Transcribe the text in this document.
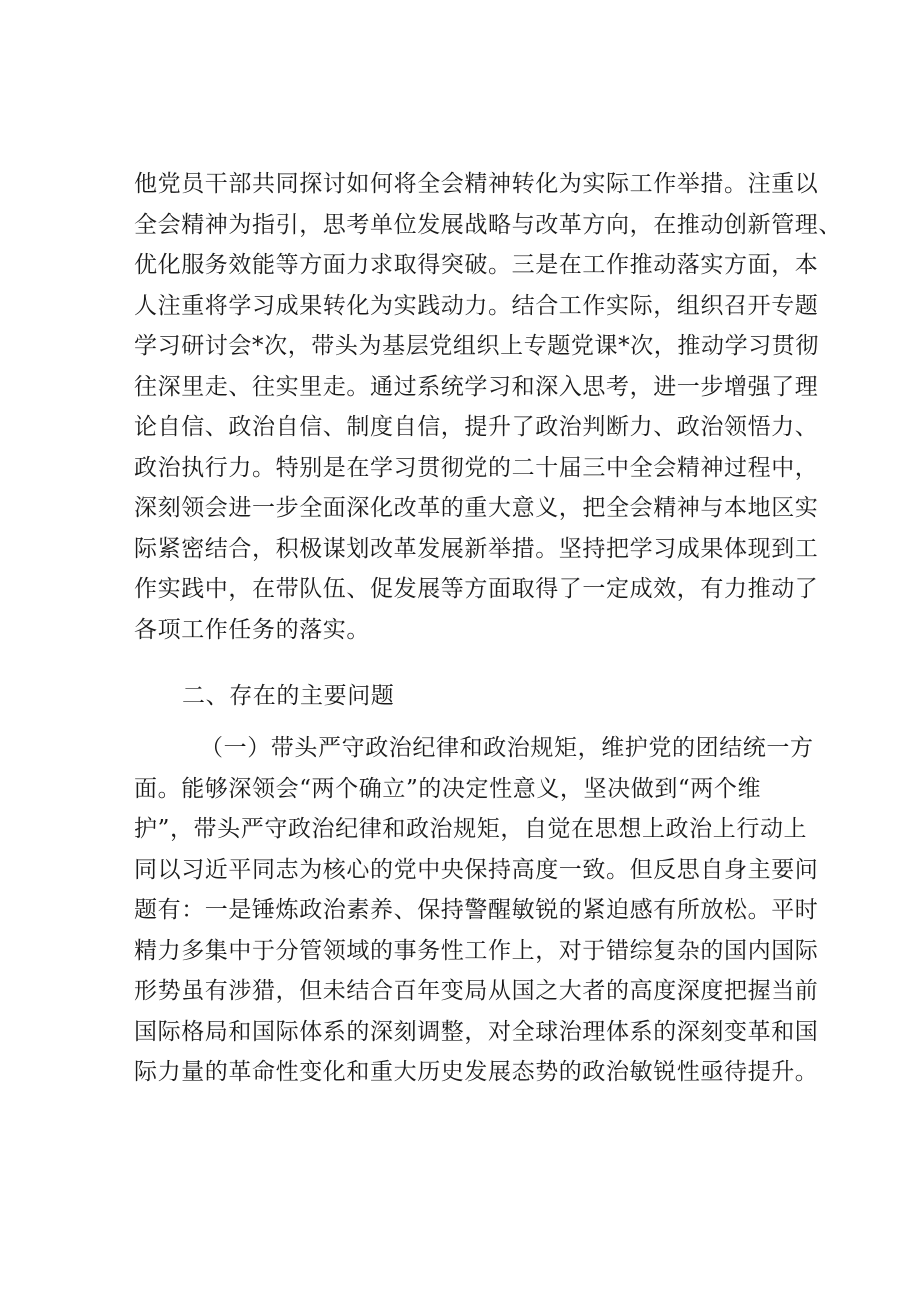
他党员干部共同探讨如何将全会精神转化为实际工作举措。注重以
全会精神为指引，思考单位发展战略与改革方向，在推动创新管理、
优化服务效能等方面力求取得突破。三是在工作推动落实方面，本
人注重将学习成果转化为实践动力。结合工作实际，组织召开专题
学习研讨会*次，带头为基层党组织上专题党课*次，推动学习贯彻
往深里走、往实里走。通过系统学习和深入思考，进一步增强了理
论自信、政治自信、制度自信，提升了政治判断力、政治领悟力、
政治执行力。特别是在学习贯彻党的二十届三中全会精神过程中，
深刻领会进一步全面深化改革的重大意义，把全会精神与本地区实
际紧密结合，积极谋划改革发展新举措。坚持把学习成果体现到工
作实践中，在带队伍、促发展等方面取得了一定成效，有力推动了
各项工作任务的落实。
二、存在的主要问题
（一）带头严守政治纪律和政治规矩，维护党的团结统一方
面。能够深领会“两个确立”的决定性意义，坚决做到“两个维
护”，带头严守政治纪律和政治规矩，自觉在思想上政治上行动上
同以习近平同志为核心的党中央保持高度一致。但反思自身主要问
题有：一是锤炼政治素养、保持警醒敏锐的紧迫感有所放松。平时
精力多集中于分管领域的事务性工作上，对于错综复杂的国内国际
形势虽有涉猎，但未结合百年变局从国之大者的高度深度把握当前
国际格局和国际体系的深刻调整，对全球治理体系的深刻变革和国
际力量的革命性变化和重大历史发展态势的政治敏锐性亟待提升。
